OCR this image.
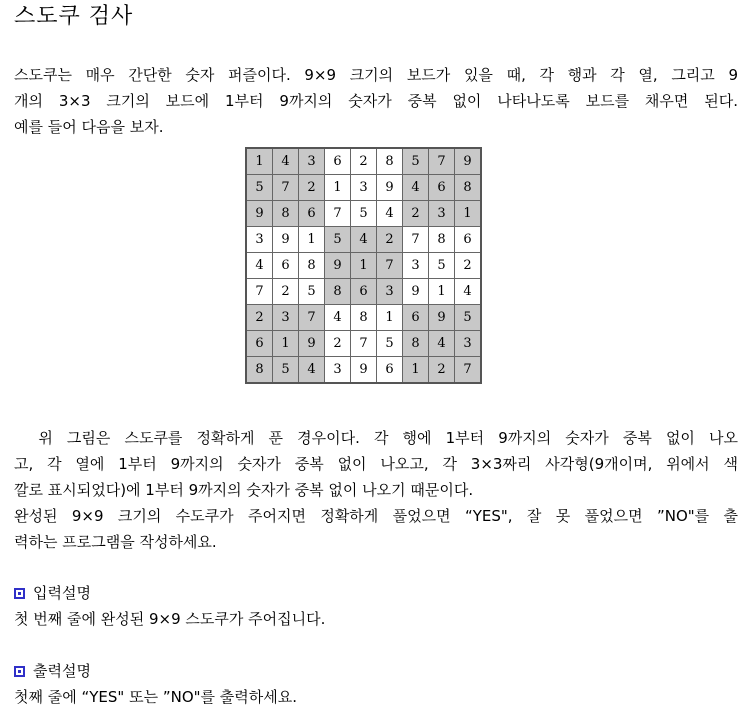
스도쿠 검사
스도쿠는 매우 간단한 숫자 퍼즐이다. 9×9 크기의 보드가 있을 때, 각 행과 각 열, 그리고 9
개의 3×3 크기의 보드에 1부터 9까지의 숫자가 중복 없이 나타나도록 보드를 채우면 된다.
예를 들어 다음을 보자.
1	4	3	6	2	8	5	7	9
5	7	2	1	3	9	4	6	8
9	8	6	7	5	4	2	3	1
3	9	1	5	4	2	7	8	6
4	6	8	9	1	7	3	5	2
7	2	5	8	6	3	9	1	4
2	3	7	4	8	1	6	9	5
6	1	9	2	7	5	8	4	3
8	5	4	3	9	6	1	2	7
　위 그림은 스도쿠를 정확하게 푼 경우이다. 각 행에 1부터 9까지의 숫자가 중복 없이 나오
고, 각 열에 1부터 9까지의 숫자가 중복 없이 나오고, 각 3×3짜리 사각형(9개이며, 위에서 색
깔로 표시되었다)에 1부터 9까지의 숫자가 중복 없이 나오기 때문이다.
완성된 9×9 크기의 수도쿠가 주어지면 정확하게 풀었으면 “YES", 잘 못 풀었으면 ”NO"를 출
력하는 프로그램을 작성하세요.
입력설명
첫 번째 줄에 완성된 9×9 스도쿠가 주어집니다.
출력설명
첫째 줄에 “YES" 또는 ”NO"를 출력하세요.
